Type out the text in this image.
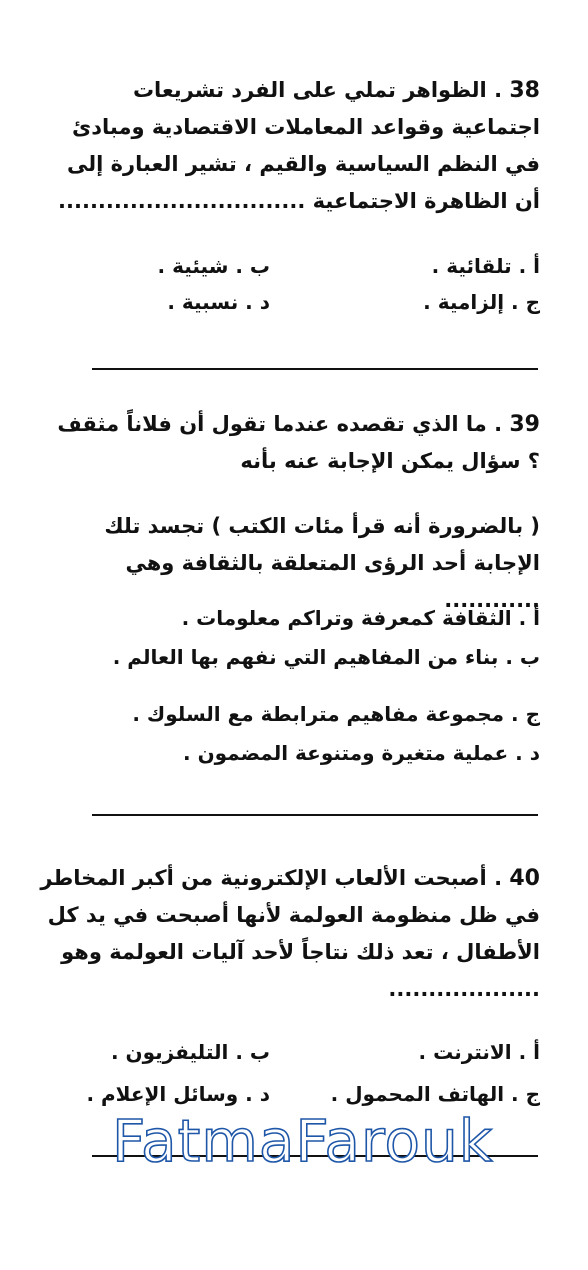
38 . الظواهر تملي على الفرد تشريعات اجتماعية وقواعد المعاملات الاقتصادية ومبادئ في النظم السياسية والقيم ، تشير العبارة إلى أن الظاهرة الاجتماعية ...............................

أ . تلقائية .

ب . شيئية .

ج . إلزامية .

د . نسبية .

39 . ما الذي تقصده عندما تقول أن فلاناً مثقف ؟ سؤال يمكن الإجابة عنه بأنه

( بالضرورة أنه قرأ مئات الكتب ) تجسد تلك الإجابة أحد الرؤى المتعلقة بالثقافة وهي ............

أ . الثقافة كمعرفة وتراكم معلومات .

ب . بناء من المفاهيم التي نفهم بها العالم .

ج . مجموعة مفاهيم مترابطة مع السلوك .

د . عملية متغيرة ومتنوعة المضمون .

40 . أصبحت الألعاب الإلكترونية من أكبر المخاطر في ظل منظومة العولمة لأنها أصبحت في يد كل الأطفال ، تعد ذلك نتاجاً لأحد آليات العولمة وهو ...................

أ . الانترنت .

ب . التليفزيون .

ج . الهاتف المحمول .

د . وسائل الإعلام .

FatmaFarouk
